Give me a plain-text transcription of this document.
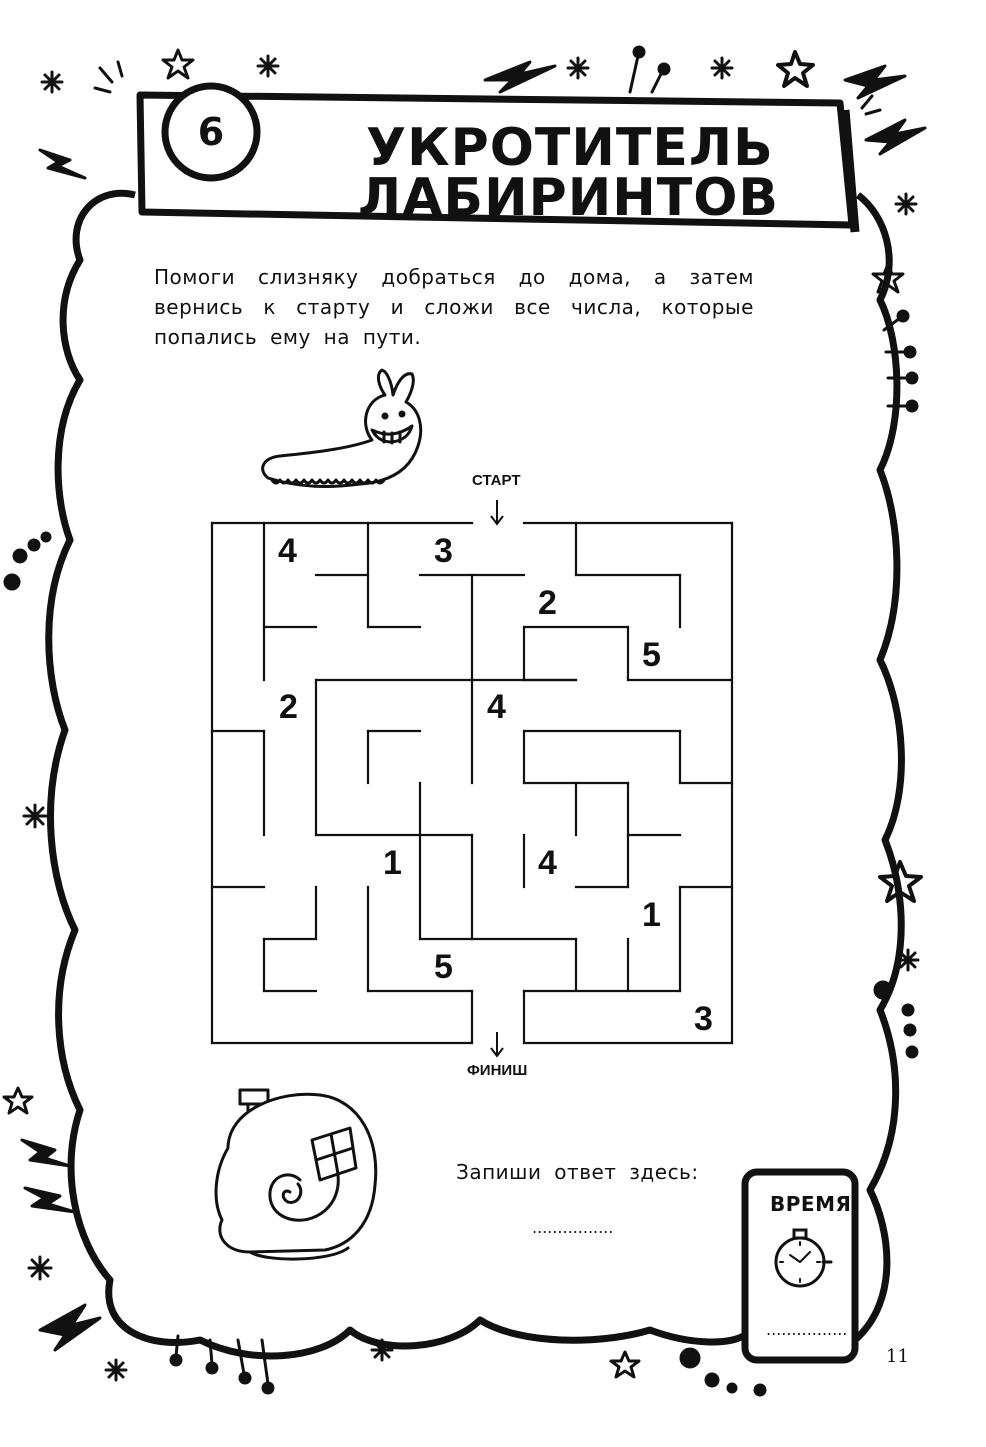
6	УКРОТИТЕЛЬ
ЛАБИРИНТОВ
Помоги слизняку добраться до дома, а затем вернись к старту и сложи все числа, которые попались ему на пути.
СТАРТ
ФИНИШ
4	3
2
5
2	4
1	4
1
5
3
Запиши ответ здесь:
................
ВРЕМЯ
................
11
